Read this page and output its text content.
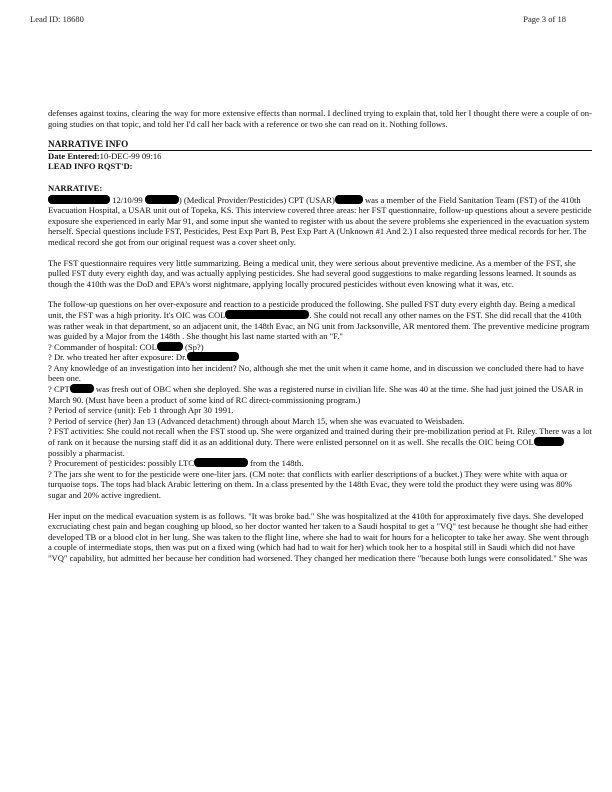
Lead ID: 18680	Page 3 of 18

defenses against toxins, clearing the way for more extensive effects than normal. I declined trying to explain that, told her I thought there were a couple of on-going studies on that topic, and told her I'd call her back with a reference or two she can read on it. Nothing follows.

NARRATIVE INFO

Date Entered:10-DEC-99 09:16

LEAD INFO RQST'D:

NARRATIVE:

12/10/99	) (Medical Provider/Pesticides) CPT (USAR)	was a member of the Field Sanitation Team (FST) of the 410th Evacuation Hospital, a USAR unit out of Topeka, KS. This interview covered three areas: her FST questionnaire, follow-up questions about a severe pesticide exposure she experienced in early Mar 91, and some input she wanted to register with us about the severe problems she experienced in the evacuation system herself. Special questions include FST, Pesticides, Pest Exp Part B, Pest Exp Part A (Unknown #1 And 2.) I also requested three medical records for her. The medical record she got from our original request was a cover sheet only.

The FST questionnaire requires very little summarizing. Being a medical unit, they were serious about preventive medicine. As a member of the FST, she pulled FST duty every eighth day, and was actually applying pesticides. She had several good suggestions to make regarding lessons learned. It sounds as though the 410th was the DoD and EPA's worst nightmare, applying locally procured pesticides without even knowing what it was, etc.

The follow-up questions on her over-exposure and reaction to a pesticide produced the following. She pulled FST duty every eighth day. Being a medical unit, the FST was a high priority. It's OIC was COL	. She could not recall any other names on the FST. She did recall that the 410th was rather weak in that department, so an adjacent unit, the 148th Evac, an NG unit from Jacksonville, AR mentored them. The preventive medicine program was guided by a Major from the 148th . She thought his last name started with an "F."

? Commander of hospital: COL	(Sp?)

? Dr. who treated her after exposure: Dr.

? Any knowledge of an investigation into her incident? No, although she met the unit when it came home, and in discussion we concluded there had to have been one.

? CPT	was fresh out of OBC when she deployed. She was a registered nurse in civilian life. She was 40 at the time. She had just joined the USAR in March 90. (Must have been a product of some kind of RC direct-commissioning program.)

? Period of service (unit): Feb 1 through Apr 30 1991.

? Period of service (her) Jan 13 (Advanced detachment) through about March 15, when she was evacuated to Weisbaden.

? FST activities: She could not recall when the FST stood up. She were organized and trained during their pre-mobilization period at Ft. Riley. There was a lot of rank on it because the nursing staff did it as an additional duty. There were enlisted personnel on it as well. She recalls the OIC being COL possibly a pharmacist.

? Procurement of pesticides: possibly LTC	from the 148th.

? The jars she went to for the pesticide were one-liter jars. (CM note: that conflicts with earlier descriptions of a bucket.) They were white with aqua or turquoise tops. The tops had black Arabic lettering on them. In a class presented by the 148th Evac, they were told the product they were using was 80% sugar and 20% active ingredient.

Her input on the medical evacuation system is as follows. "It was broke bad." She was hospitalized at the 410th for approximately five days. She developed excruciating chest pain and began coughing up blood, so her doctor wanted her taken to a Saudi hospital to get a "VQ" test because he thought she had either developed TB or a blood clot in her lung. She was taken to the flight line, where she had to wait for hours for a helicopter to take her away. She went through a couple of intermediate stops, then was put on a fixed wing (which had had to wait for her) which took her to a hospital still in Saudi which did not have "VQ" capability, but admitted her because her condition had worsened. They changed her medication there "because both lungs were consolidated." She was
